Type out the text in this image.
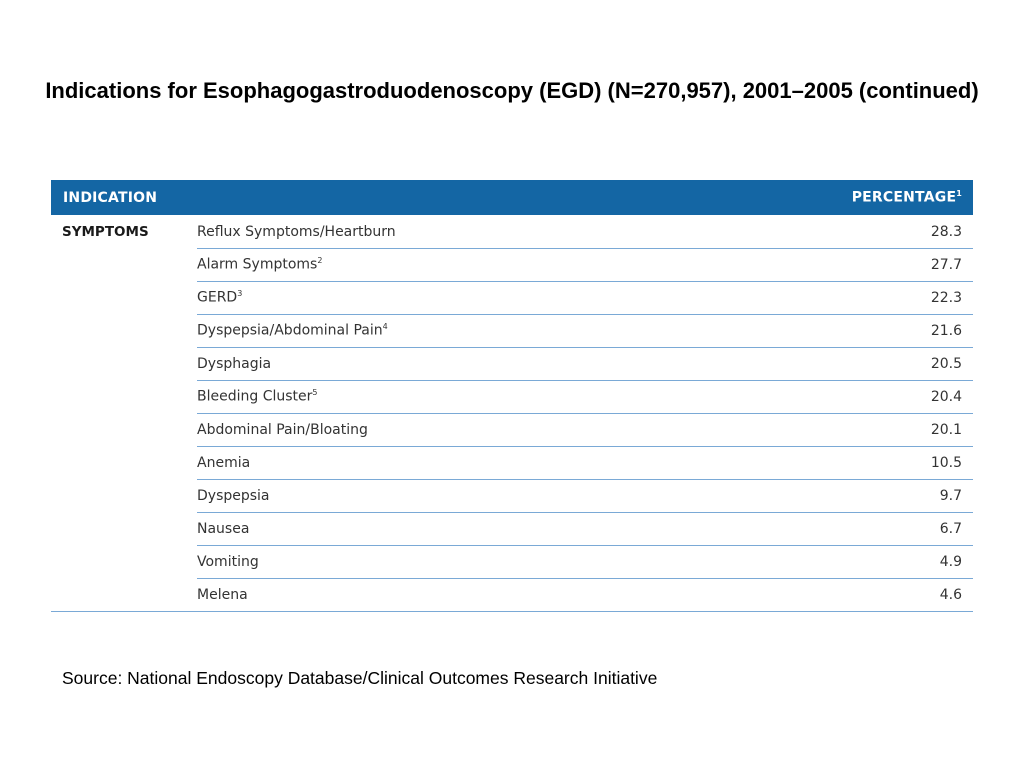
Indications for Esophagogastroduodenoscopy (EGD) (N=270,957), 2001–2005 (continued)
INDICATION	PERCENTAGE$^1$
SYMPTOMS	Reflux Symptoms/Heartburn	28.3
Alarm Symptoms$^2$	27.7
GERD$^3$	22.3
Dyspepsia/Abdominal Pain$^4$	21.6
Dysphagia	20.5
Bleeding Cluster$^5$	20.4
Abdominal Pain/Bloating	20.1
Anemia	10.5
Dyspepsia	9.7
Nausea	6.7
Vomiting	4.9
Melena	4.6
Source: National Endoscopy Database/Clinical Outcomes Research Initiative
